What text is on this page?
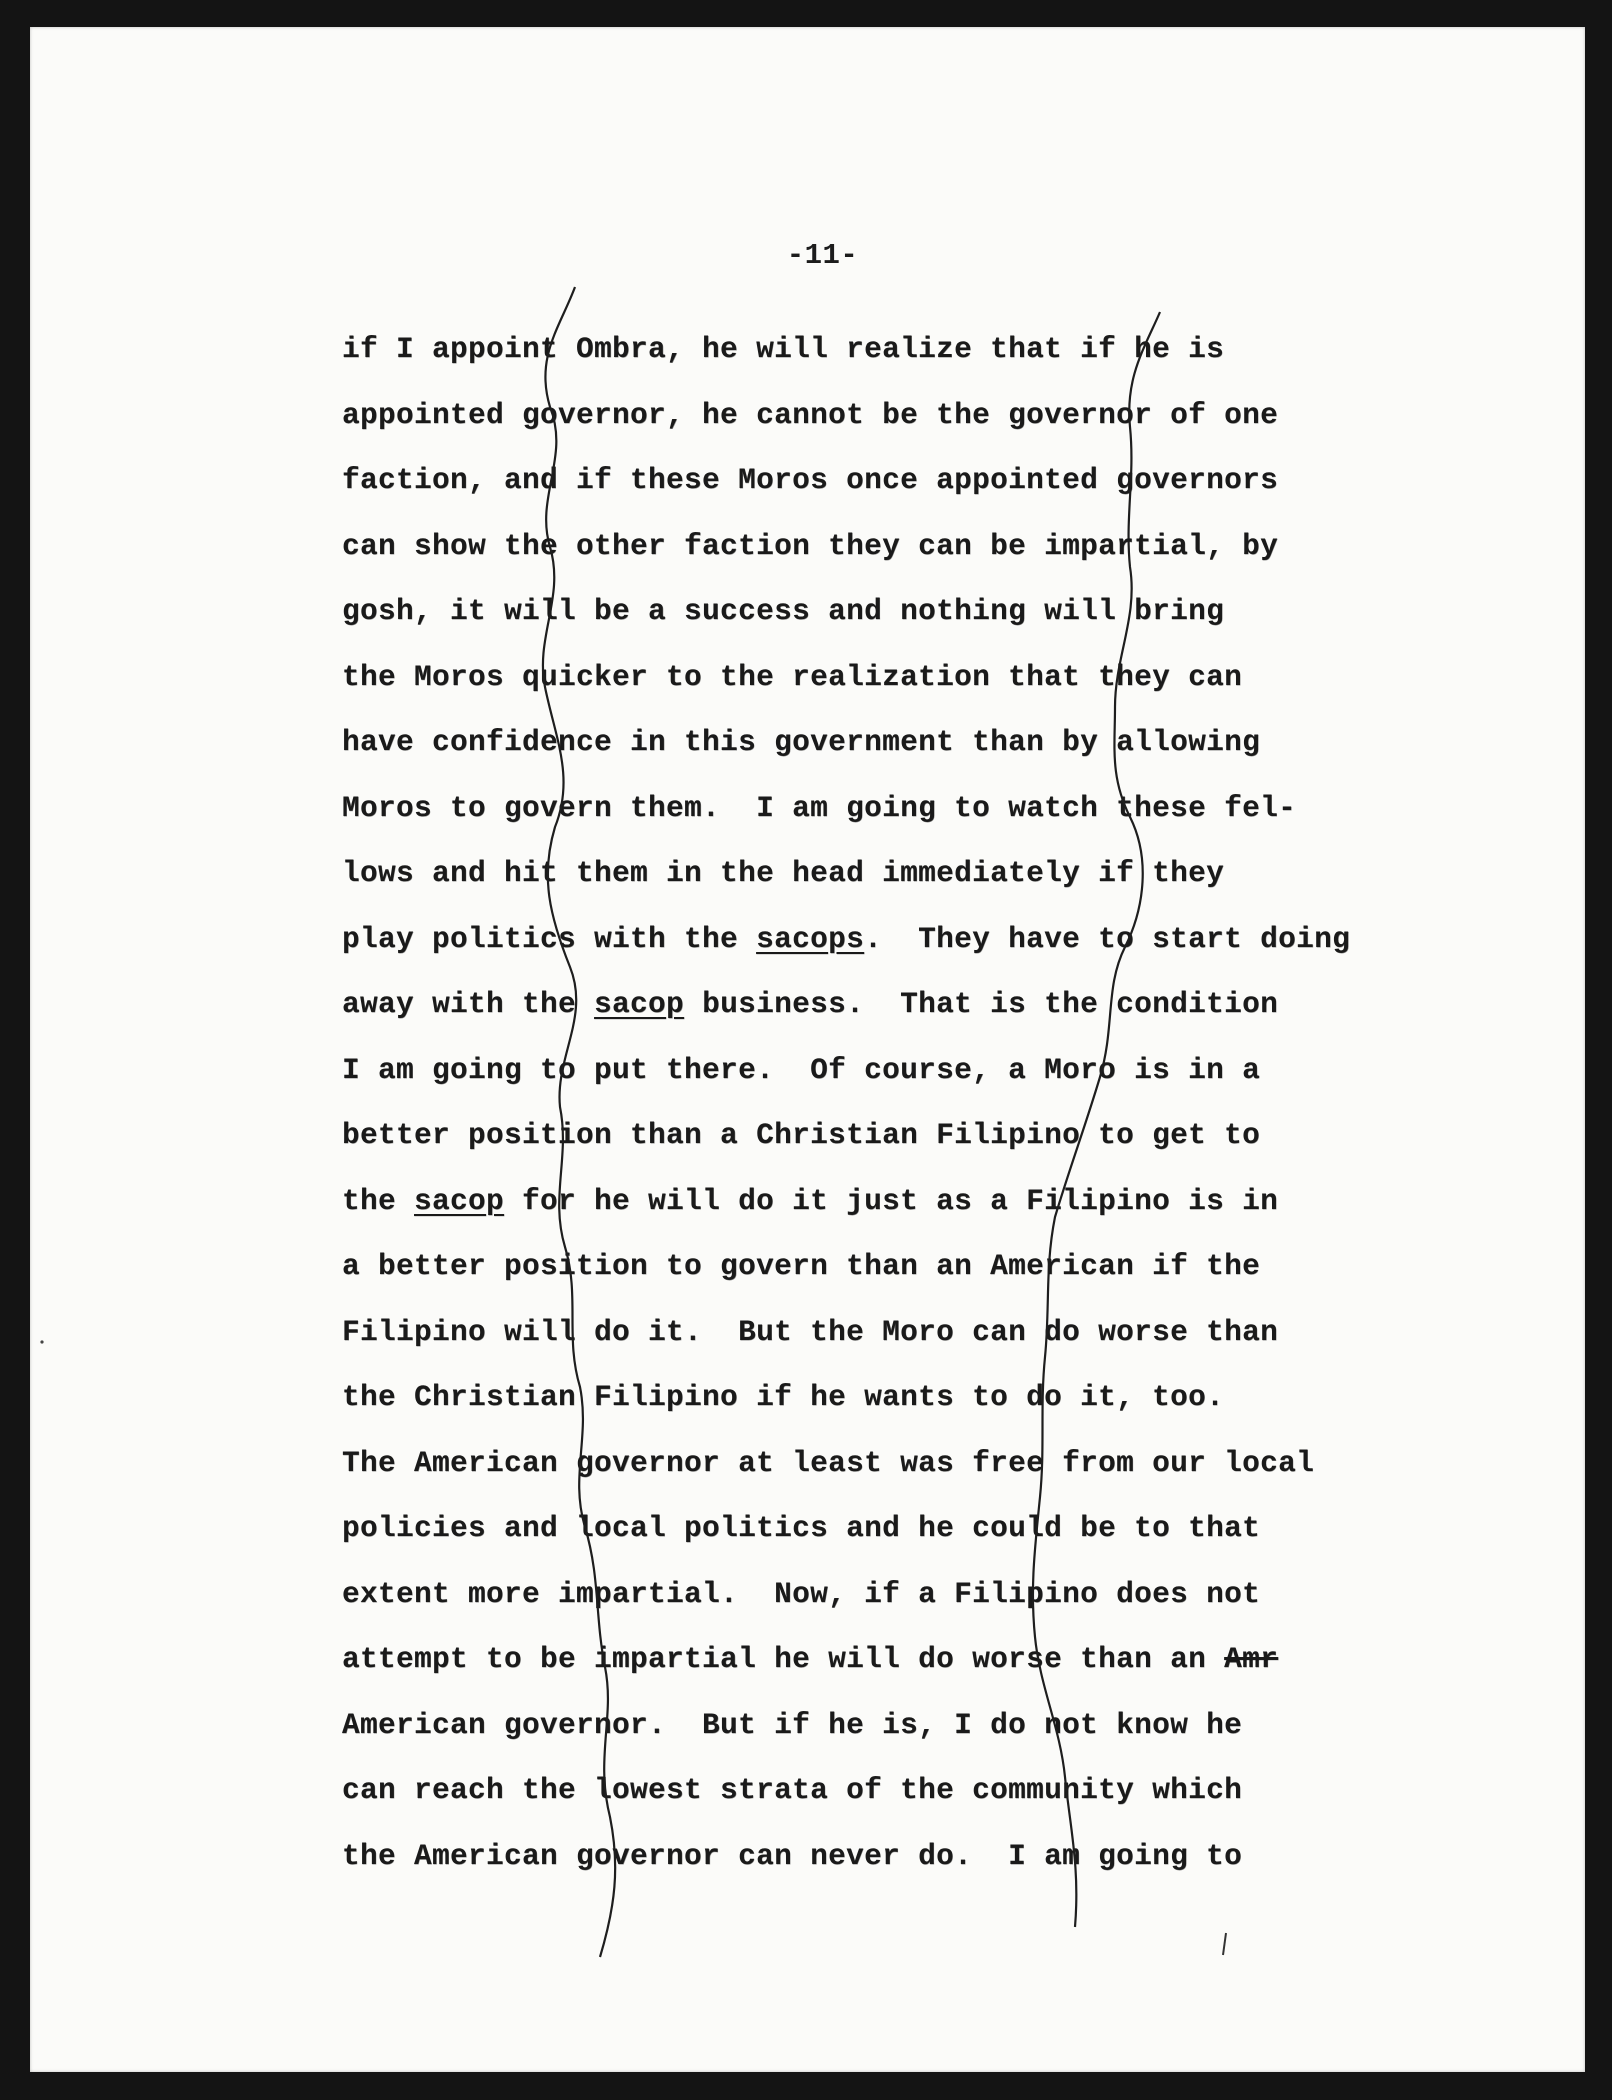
-11-
if I appoint Ombra, he will realize that if he is
appointed governor, he cannot be the governor of one
faction, and if these Moros once appointed governors
can show the other faction they can be impartial, by
gosh, it will be a success and nothing will bring
the Moros quicker to the realization that they can
have confidence in this government than by allowing
Moros to govern them.  I am going to watch these fel-
lows and hit them in the head immediately if they
play politics with the sacops.  They have to start doing
away with the sacop business.  That is the condition
I am going to put there.  Of course, a Moro is in a
better position than a Christian Filipino to get to
the sacop for he will do it just as a Filipino is in
a better position to govern than an American if the
Filipino will do it.  But the Moro can do worse than
the Christian Filipino if he wants to do it, too.
The American governor at least was free from our local
policies and local politics and he could be to that
extent more impartial.  Now, if a Filipino does not
attempt to be impartial he will do worse than an Amr
American governor.  But if he is, I do not know he
can reach the lowest strata of the community which
the American governor can never do.  I am going to
